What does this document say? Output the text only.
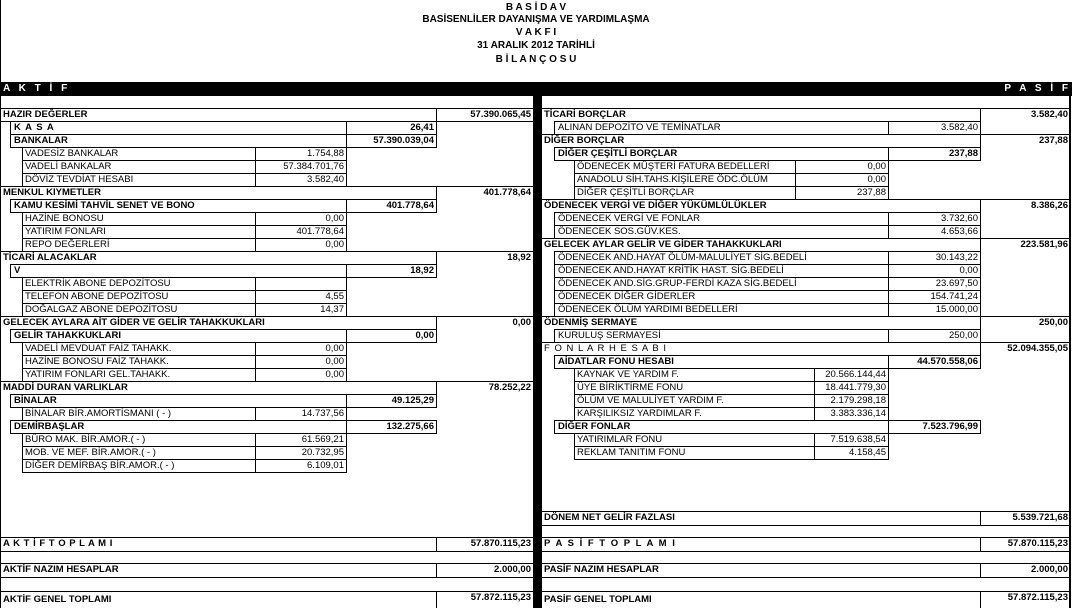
B A S İ D A V
BASİSENLİLER DAYANIŞMA VE YARDIMLAŞMA
V A K F I
31 ARALIK 2012 TARİHLİ
B İ L A N Ç O S U
A K T İ F	P A S İ F
HAZIR DEĞERLER	57.390.065,45
K A S A	26,41
BANKALAR	57.390.039,04
VADESİZ BANKALAR	1.754,88
VADELİ BANKALAR	57.384.701,76
DÖVİZ TEVDİAT HESABI	3.582,40
MENKUL KIYMETLER	401.778,64
KAMU KESİMİ TAHVİL SENET VE BONO	401.778,64
HAZİNE BONOSU	0,00
YATIRIM FONLARI	401.778,64
REPO DEĞERLERİ	0,00
TİCARİ ALACAKLAR	18,92
V	18,92
ELEKTRİK ABONE DEPOZİTOSU
TELEFON ABONE DEPOZİTOSU	4,55
DOĞALGAZ ABONE DEPOZİTOSU	14,37
GELECEK AYLARA AİT GİDER VE GELİR TAHAKKUKLARI	0,00
GELİR TAHAKKUKLARI	0,00
VADELİ MEVDUAT FAİZ TAHAKK.	0,00
HAZİNE BONOSU FAİZ TAHAKK.	0,00
YATIRIM FONLARI GEL.TAHAKK.	0,00
MADDİ DURAN VARLIKLAR	78.252,22
BİNALAR	49.125,29
BİNALAR BİR.AMORTİSMANI ( - )	14.737,56
DEMİRBAŞLAR	132.275,66
BÜRO MAK. BİR.AMOR.( - )	61.569,21
MOB. VE MEF. BİR.AMOR.( - )	20.732,95
DİĞER DEMİRBAŞ BİR.AMOR.( - )	6.109,01
A K T İ F T O P L A M I	57.870.115,23
AKTİF NAZIM HESAPLAR	2.000,00
AKTİF GENEL TOPLAMI	57.872.115,23
TİCARİ BORÇLAR	3.582,40
ALINAN DEPOZİTO VE TEMİNATLAR	3.582,40
DİĞER BORÇLAR	237,88
DİĞER ÇEŞİTLİ BORÇLAR	237,88
ÖDENECEK MÜŞTERİ FATURA BEDELLERİ	0,00
ANADOLU SİH.TAHS.KİŞİLERE ÖDC.ÖLÜM	0,00
DİĞER ÇEŞİTLİ BORÇLAR	237,88
ÖDENECEK VERGİ VE DİĞER YÜKÜMLÜLÜKLER	8.386,26
ÖDENECEK VERGİ VE FONLAR	3.732,60
ÖDENECEK SOS.GÜV.KES.	4.653,66
GELECEK AYLAR GELİR VE GİDER TAHAKKUKLARI	223.581,96
ÖDENECEK AND.HAYAT ÖLÜM-MALULİYET SİG.BEDELİ	30.143,22
ÖDENECEK AND.HAYAT KRİTİK HAST. SİG.BEDELİ	0,00
ÖDENECEK AND.SİG.GRUP-FERDİ KAZA SİG.BEDELİ	23.697,50
ÖDENECEK DİĞER GİDERLER	154.741,24
ÖDENECEK ÖLÜM YARDIMI BEDELLERİ	15.000,00
ÖDENMİŞ SERMAYE	250,00
KURULUŞ SERMAYESİ	250,00
F O N L A R H E S A B I	52.094.355,05
AİDATLAR FONU HESABI	44.570.558,06
KAYNAK VE YARDIM F.	20.566.144,44
ÜYE BİRİKTİRME FONU	18.441.779,30
ÖLÜM VE MALULİYET YARDIM F.	2.179.298,18
KARŞILIKSIZ YARDIMLAR F.	3.383.336,14
DİĞER FONLAR	7.523.796,99
YATIRIMLAR FONU	7.519.638,54
REKLAM TANITIM FONU	4.158,45
DÖNEM NET GELİR FAZLASI	5.539.721,68
P A S İ F T O P L A M I	57.870.115,23
PASİF NAZIM HESAPLAR	2.000,00
PASİF GENEL TOPLAMI	57.872.115,23
